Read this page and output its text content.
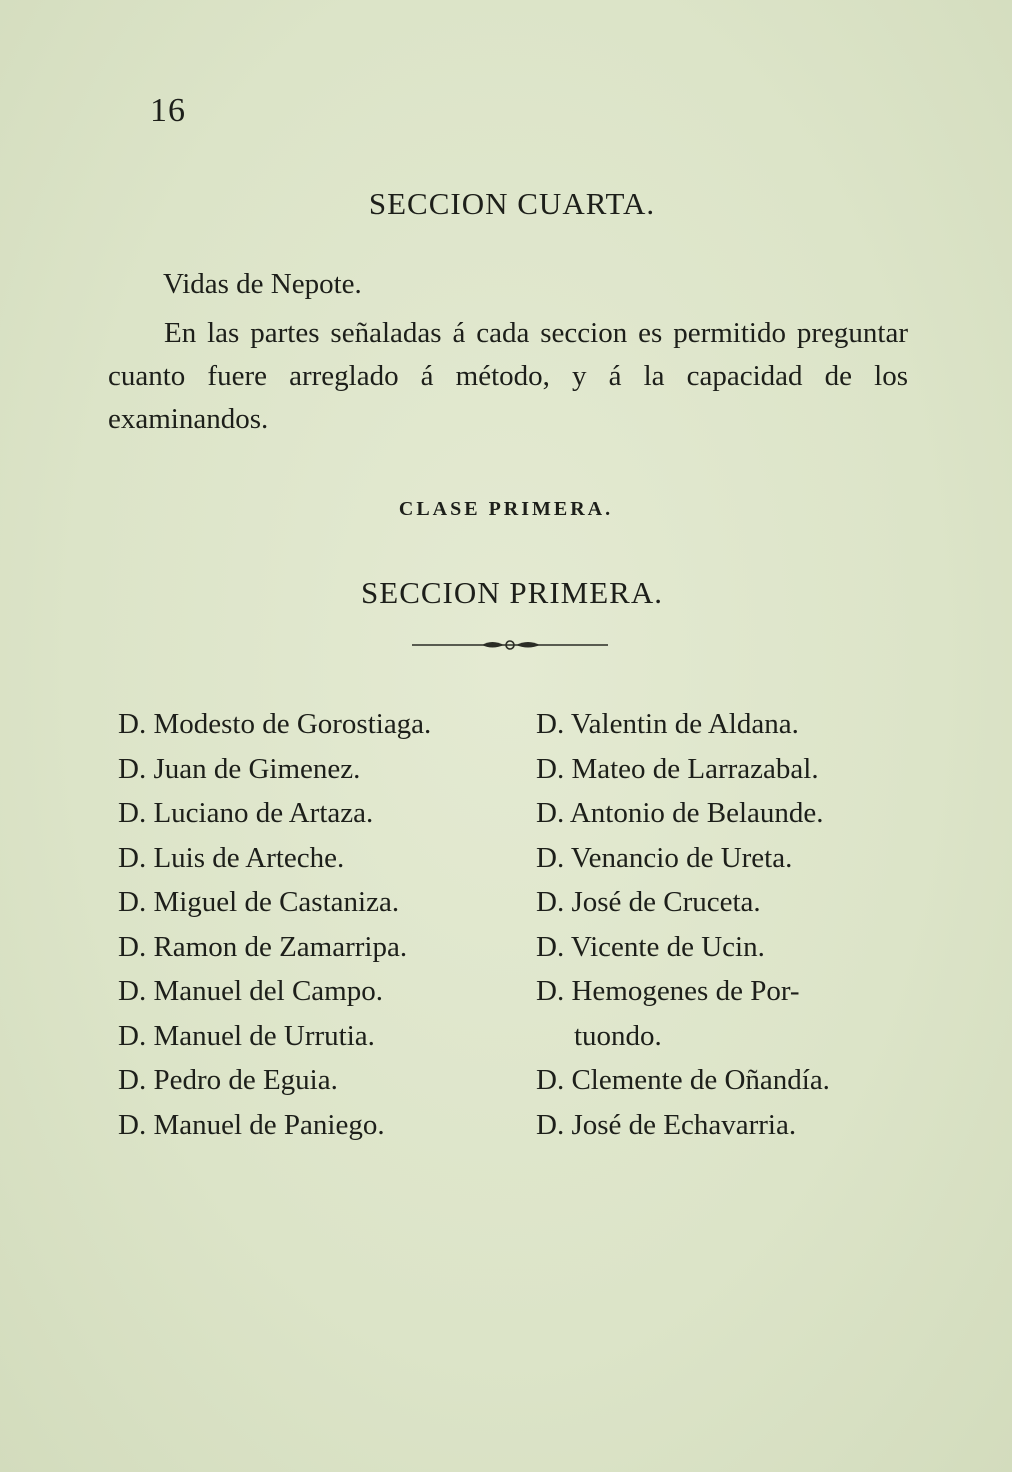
16
SECCION CUARTA.
Vidas de Nepote.

En las partes señaladas á cada seccion es permitido preguntar cuanto fuere arreglado á método, y á la capacidad de los examinandos.

CLASE PRIMERA.
SECCION PRIMERA.
D. Modesto de Gorostiaga.
D. Juan de Gimenez.
D. Luciano de Artaza.
D. Luis de Arteche.
D. Miguel de Castaniza.
D. Ramon de Zamarripa.
D. Manuel del Campo.
D. Manuel de Urrutia.
D. Pedro de Eguia.
D. Manuel de Paniego.
D. Valentin de Aldana.
D. Mateo de Larrazabal.
D. Antonio de Belaunde.
D. Venancio de Ureta.
D. José de Cruceta.
D. Vicente de Ucin.
D. Hemogenes de Por-
tuondo.
D. Clemente de Oñandía.
D. José de Echavarria.
